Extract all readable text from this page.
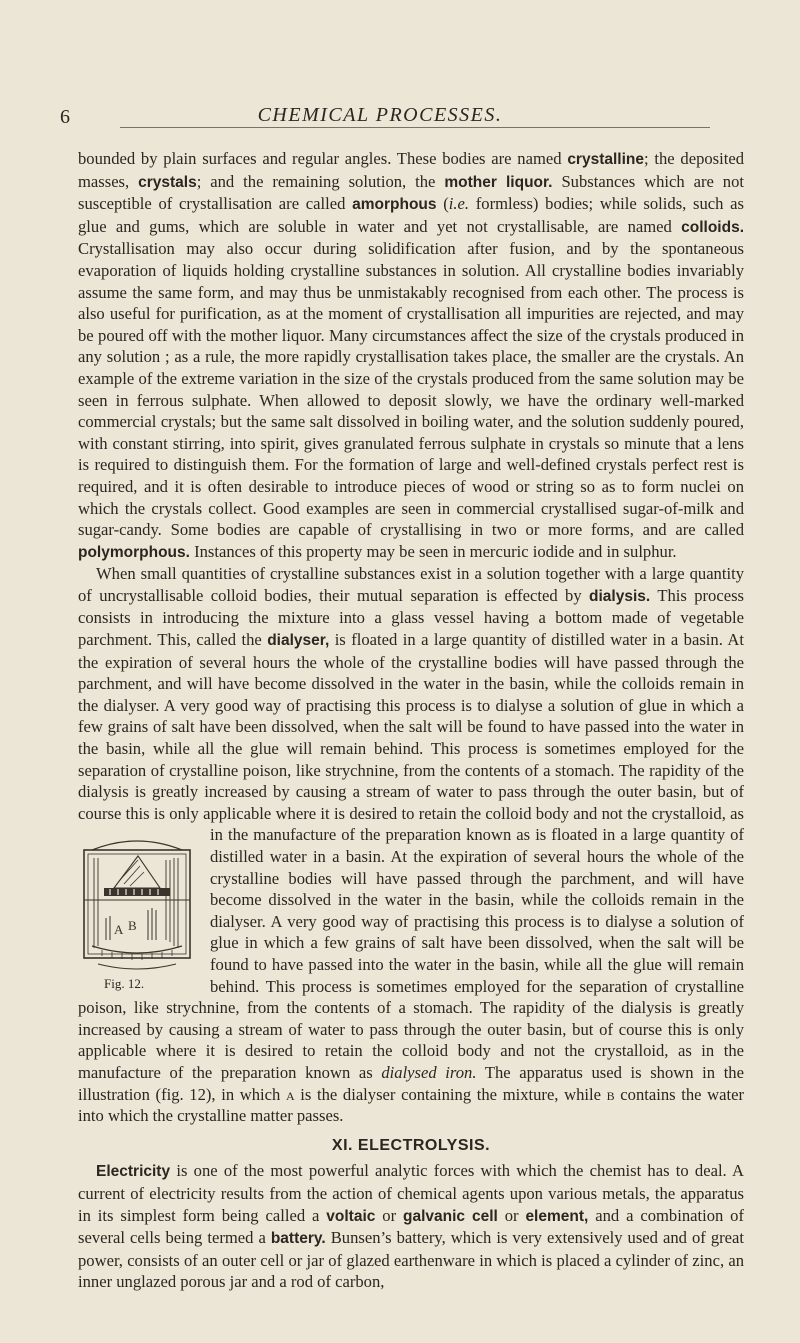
6	CHEMICAL PROCESSES.

bounded by plain surfaces and regular angles. These bodies are named crystalline; the deposited masses, crystals; and the remaining solution, the mother liquor. Substances which are not susceptible of crystallisation are called amorphous (i.e. formless) bodies; while solids, such as glue and gums, which are soluble in water and yet not crystallisable, are named colloids. Crystallisation may also occur during solidification after fusion, and by the spontaneous evaporation of liquids holding crystalline substances in solution. All crystalline bodies invariably assume the same form, and may thus be unmistakably recognised from each other. The process is also useful for purification, as at the moment of crystallisation all impurities are rejected, and may be poured off with the mother liquor. Many circumstances affect the size of the crystals produced in any solution ; as a rule, the more rapidly crystallisation takes place, the smaller are the crystals. An example of the extreme variation in the size of the crystals produced from the same solution may be seen in ferrous sulphate. When allowed to deposit slowly, we have the ordinary well-marked commercial crystals; but the same salt dissolved in boiling water, and the solution suddenly poured, with constant stirring, into spirit, gives granulated ferrous sulphate in crystals so minute that a lens is required to distinguish them. For the formation of large and well-defined crystals perfect rest is required, and it is often desirable to introduce pieces of wood or string so as to form nuclei on which the crystals collect. Good examples are seen in commercial crystallised sugar-of-milk and sugar-candy. Some bodies are capable of crystallising in two or more forms, and are called polymorphous. Instances of this property may be seen in mercuric iodide and in sulphur.

When small quantities of crystalline substances exist in a solution together with a large quantity of uncrystallisable colloid bodies, their mutual separation is effected by dialysis. This process consists in introducing the mixture into a glass vessel having a bottom made of vegetable parchment. This, called the dialyser, is floated in a large quantity of distilled water in a basin. At the expiration of several hours the whole of the crystalline bodies will have passed through the parchment, and will have become dissolved in the water in the basin, while the colloids remain in the dialyser. A very good way of practising this process is to dialyse a solution of glue in which a few grains of salt have been dissolved, when the salt will be found to have passed into the water in the basin, while all the glue will remain behind. This process is sometimes employed for the separation of crystalline poison, like strychnine, from the contents of a stomach. The rapidity of the dialysis is greatly increased by causing a stream of water to pass through the outer basin, but of course this is only applicable where it is desired to retain the colloid body and not the crystalloid, as in the manufacture of the preparation known as
A B
Fig. 12.
is floated in a large quantity of distilled water in a basin. At the expiration of several hours the whole of the crystalline bodies will have passed through the parchment, and will have become dissolved in the water in the basin, while the colloids remain in the dialyser. A very good way of practising this process is to dialyse a solution of glue in which a few grains of salt have been dissolved, when the salt will be found to have passed into the water in the basin, while all the glue will remain behind. This process is sometimes employed for the separation of crystalline poison, like strychnine, from the contents of a stomach. The rapidity of the dialysis is greatly increased by causing a stream of water to pass through the outer basin, but of course this is only applicable where it is desired to retain the colloid body and not the crystalloid, as in the manufacture of the preparation known as dialysed iron. The apparatus used is shown in the illustration (fig. 12), in which a is the dialyser containing the mixture, while b contains the water into which the crystalline matter passes.

XI. ELECTROLYSIS.

Electricity is one of the most powerful analytic forces with which the chemist has to deal. A current of electricity results from the action of chemical agents upon various metals, the apparatus in its simplest form being called a voltaic or galvanic cell or element, and a combination of several cells being termed a battery. Bunsen’s battery, which is very extensively used and of great power, consists of an outer cell or jar of glazed earthenware in which is placed a cylinder of zinc, an inner unglazed porous jar and a rod of carbon,
